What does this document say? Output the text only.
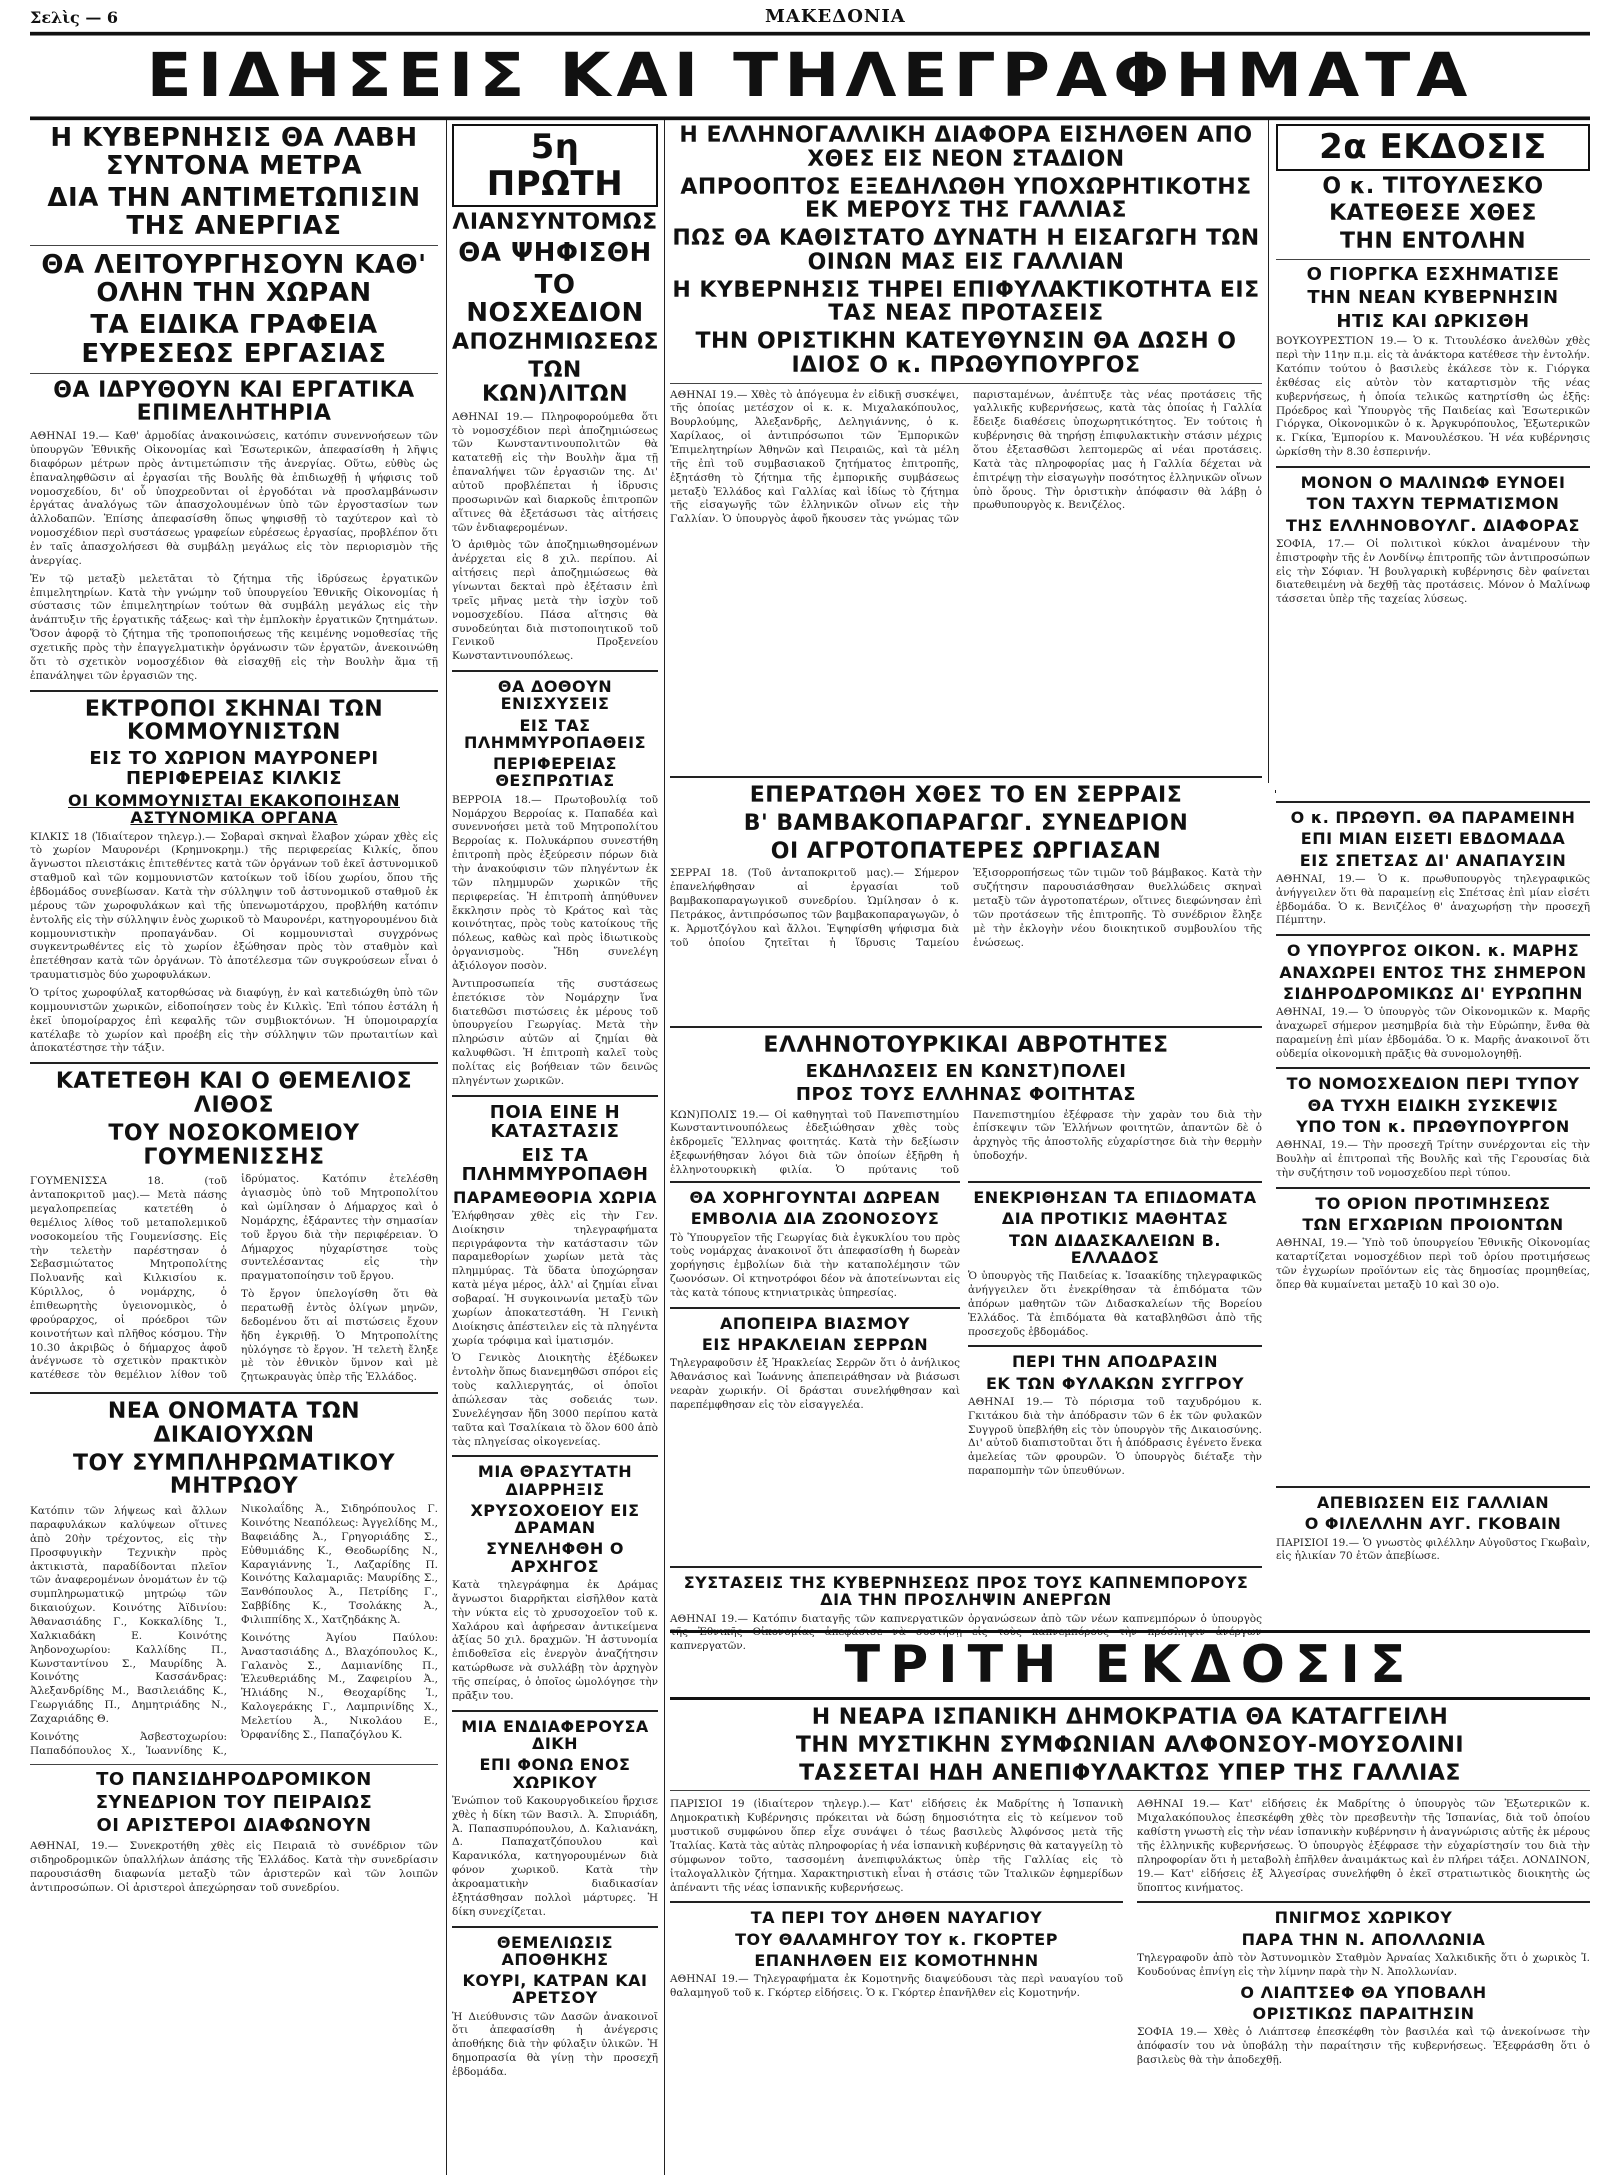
Σελὶς — 6	ΜΑΚΕΔΟΝΙΑ
ΕΙΔΗΣΕΙΣ ΚΑΙ ΤΗΛΕΓΡΑΦΗΜΑΤΑ
Η ΚΥΒΕΡΝΗΣΙΣ ΘΑ ΛΑΒΗ ΣΥΝΤΟΝΑ ΜΕΤΡΑ
ΔΙΑ ΤΗΝ ΑΝΤΙΜΕΤΩΠΙΣΙΝ ΤΗΣ ΑΝΕΡΓΙΑΣ
ΘΑ ΛΕΙΤΟΥΡΓΗΣΟΥΝ ΚΑΘ' ΟΛΗΝ ΤΗΝ ΧΩΡΑΝ
ΤΑ ΕΙΔΙΚΑ ΓΡΑΦΕΙΑ ΕΥΡΕΣΕΩΣ ΕΡΓΑΣΙΑΣ
ΘΑ ΙΔΡΥΘΟΥΝ ΚΑΙ ΕΡΓΑΤΙΚΑ ΕΠΙΜΕΛΗΤΗΡΙΑ

ΑΘΗΝΑΙ 19.— Καθ' ἁρμοδίας ἀνακοινώσεις, κατόπιν συνεννοήσεων τῶν ὑπουργῶν Ἐθνικῆς Οἰκονομίας καὶ Ἐσωτερικῶν, ἀπεφασίσθη ἡ λῆψις διαφόρων μέτρων πρὸς ἀντιμετώπισιν τῆς ἀνεργίας. Οὕτω, εὐθὺς ὡς ἐπαναληφθῶσιν αἱ ἐργασίαι τῆς Βουλῆς θὰ ἐπιδιωχθῇ ἡ ψήφισις τοῦ νομοσχεδίου, δι' οὗ ὑποχρεοῦνται οἱ ἐργοδόται νὰ προσλαμβάνωσιν ἐργάτας ἀναλόγως τῶν ἀπασχολουμένων ὑπὸ τῶν ἐργοστασίων των ἀλλοδαπῶν. Ἐπίσης ἀπεφασίσθη ὅπως ψηφισθῇ τὸ ταχύτερον καὶ τὸ νομοσχέδιον περὶ συστάσεως γραφείων εὑρέσεως ἐργασίας, προβλέπον ὅτι ἐν ταῖς ἀπασχολήσεσι θὰ συμβάλῃ μεγάλως εἰς τὸν περιορισμὸν τῆς ἀνεργίας.

Ἐν τῷ μεταξὺ μελετᾶται τὸ ζήτημα τῆς ἱδρύσεως ἐργατικῶν ἐπιμελητηρίων. Κατὰ τὴν γνώμην τοῦ ὑπουργείου Ἐθνικῆς Οἰκονομίας ἡ σύστασις τῶν ἐπιμελητηρίων τούτων θὰ συμβάλῃ μεγάλως εἰς τὴν ἀνάπτυξιν τῆς ἐργατικῆς τάξεως· καὶ τὴν ἐμπλοκὴν ἐργατικῶν ζητημάτων. Ὅσον ἀφορᾷ τὸ ζήτημα τῆς τροποποιήσεως τῆς κειμένης νομοθεσίας τῆς σχετικῆς πρὸς τὴν ἐπαγγελματικὴν ὀργάνωσιν τῶν ἐργατῶν, ἀνεκοινώθη ὅτι τὸ σχετικὸν νομοσχέδιον θὰ εἰσαχθῇ εἰς τὴν Βουλὴν ἅμα τῇ ἐπανάληψει τῶν ἐργασιῶν της.

ΕΚΤΡΟΠΟΙ ΣΚΗΝΑΙ ΤΩΝ ΚΟΜΜΟΥΝΙΣΤΩΝ
ΕΙΣ ΤΟ ΧΩΡΙΟΝ ΜΑΥΡΟΝΕΡΙ ΠΕΡΙΦΕΡΕΙΑΣ ΚΙΛΚΙΣ
ΟΙ ΚΟΜΜΟΥΝΙΣΤΑΙ ΕΚΑΚΟΠΟΙΗΣΑΝ ΑΣΤΥΝΟΜΙΚΑ ΟΡΓΑΝΑ

ΚΙΛΚΙΣ 18 (Ἰδιαίτερον τηλεγρ.).— Σοβαραὶ σκηναὶ ἔλαβον χώραν χθὲς εἰς τὸ χωρίον Μαυρονέρι (Κρημνοκρημ.) τῆς περιφερείας Κιλκίς, ὅπου ἄγνωστοι πλειστάκις ἐπιτεθέντες κατὰ τῶν ὀργάνων τοῦ ἐκεῖ ἀστυνομικοῦ σταθμοῦ καὶ τῶν κομμουνιστῶν κατοίκων τοῦ ἰδίου χωρίου, ὅπου τῆς ἐβδομάδος συνεβίωσαν. Κατὰ τὴν σύλληψιν τοῦ ἀστυνομικοῦ σταθμοῦ ἐκ μέρους τῶν χωροφυλάκων καὶ τῆς ὑπενωμοτάρχου, προβλήθη κατόπιν ἐντολῆς εἰς τὴν σύλληψιν ἐνὸς χωρικοῦ τὸ Μαυρονέρι, κατηγορουμένου διὰ κομμουνιστικὴν προπαγάνδαν. Οἱ κομμουνισταὶ συγχρόνως συγκεντρωθέντες εἰς τὸ χωρίον ἐξώθησαν πρὸς τὸν σταθμὸν καὶ ἐπετέθησαν κατὰ τῶν ὀργάνων. Τὸ ἀποτέλεσμα τῶν συγκρούσεων εἶναι ὁ τραυματισμὸς δύο χωροφυλάκων.

Ὁ τρίτος χωροφύλαξ κατορθώσας νὰ διαφύγῃ, ἐν καὶ κατεδιώχθη ὑπὸ τῶν κομμουνιστῶν χωρικῶν, εἰδοποίησεν τοὺς ἐν Κιλκὶς. Ἐπὶ τόπου ἐστάλη ἡ ἐκεῖ ὑπομοίραρχος ἐπὶ κεφαλῆς τῶν συμβιοκτόνων. Ἡ ὑπομοιραρχία κατέλαβε τὸ χωρίον καὶ προέβη εἰς τὴν σύλληψιν τῶν πρωταιτίων καὶ ἀποκατέστησε τὴν τάξιν.

ΚΑΤΕΤΕΘΗ ΚΑΙ Ο ΘΕΜΕΛΙΟΣ ΛΙΘΟΣ
ΤΟΥ ΝΟΣΟΚΟΜΕΙΟΥ ΓΟΥΜΕΝΙΣΣΗΣ

ΓΟΥΜΕΝΙΣΣΑ 18. (τοῦ ἀνταποκριτοῦ μας).— Μετὰ πάσης μεγαλοπρεπείας κατετέθη ὁ θεμέλιος λίθος τοῦ μεταπολεμικοῦ νοσοκομείου τῆς Γουμενίσσης. Εἰς τὴν τελετὴν παρέστησαν ὁ Σεβασμιώτατος Μητροπολίτης Πολυανῆς καὶ Κιλκισίου κ. Κύριλλος, ὁ νομάρχης, ὁ ἐπιθεωρητὴς ὑγειονομικὸς, ὁ φρούραρχος, οἱ πρόεδροι τῶν κοινοτήτων καὶ πλῆθος κόσμου. Τὴν 10.30 ἀκριβῶς ὁ δήμαρχος ἀφοῦ ἀνέγνωσε τὸ σχετικὸν πρακτικὸν κατέθεσε τὸν θεμέλιον λίθον τοῦ ἱδρύματος. Κατόπιν ἐτελέσθη ἁγιασμὸς ὑπὸ τοῦ Μητροπολίτου καὶ ὡμίλησαν ὁ Δήμαρχος καὶ ὁ Νομάρχης, ἐξάραντες τὴν σημασίαν τοῦ ἔργου διὰ τὴν περιφέρειαν. Ὁ Δήμαρχος ηὐχαρίστησε τοὺς συντελέσαντας εἰς τὴν πραγματοποίησιν τοῦ ἔργου.

Τὸ ἔργον ὑπελογίσθη ὅτι θὰ περατωθῇ ἐντὸς ὀλίγων μηνῶν, δεδομένου ὅτι αἱ πιστώσεις ἔχουν ἤδη ἐγκριθῇ. Ὁ Μητροπολίτης ηὐλόγησε τὸ ἔργον. Ἡ τελετὴ ἔληξε μὲ τὸν ἐθνικὸν ὕμνον καὶ μὲ ζητωκραυγὰς ὑπὲρ τῆς Ἑλλάδος.

ΝΕΑ ΟΝΟΜΑΤΑ ΤΩΝ ΔΙΚΑΙΟΥΧΩΝ
ΤΟΥ ΣΥΜΠΛΗΡΩΜΑΤΙΚΟΥ ΜΗΤΡΩΟΥ

Κατόπιν τῶν λήψεως καὶ ἄλλων παραφυλάκων καλύψεων οἵτινες ἀπὸ 20ὴν τρέχοντος, εἰς τὴν Προσφυγικὴν Τεχνικὴν πρὸς ἀκτικιστὰ, παραδίδονται πλεῖον τῶν ἀναφερομένων ὀνομάτων ἐν τῷ συμπληρωματικῷ μητρώῳ τῶν δικαιούχων. Κοινότης Ἀϊδινίου: Ἀθανασιάδης Γ., Κοκκαλίδης Ἰ., Χαλκιαδάκη Ε. Κοινότης Ἀηδονοχωρίου: Καλλίδης Π., Κωνσταντίνου Σ., Μαυρίδης Ἀ. Κοινότης Κασσάνδρας: Ἀλεξανδρίδης Μ., Βασιλειάδης Κ., Γεωργιάδης Π., Δημητριάδης Ν., Ζαχαριάδης Θ.

Κοινότης Ἀσβεστοχωρίου: Παπαδόπουλος Χ., Ἰωαννίδης Κ., Νικολαΐδης Ἀ., Σιδηρόπουλος Γ. Κοινότης Νεαπόλεως: Ἀγγελίδης Μ., Βαφειάδης Ἀ., Γρηγοριάδης Σ., Εὐθυμιάδης Κ., Θεοδωρίδης Ν., Καραγιάννης Ἰ., Λαζαρίδης Π. Κοινότης Καλαμαριᾶς: Μαυρίδης Σ., Ξανθόπουλος Ἀ., Πετρίδης Γ., Σαββίδης Κ., Τσολάκης Ἀ., Φιλιππίδης Χ., Χατζηδάκης Ἀ.

Κοινότης Ἀγίου Παύλου: Ἀναστασιάδης Δ., Βλαχόπουλος Κ., Γαλανὸς Σ., Δαμιανίδης Π., Ἐλευθεριάδης Μ., Ζαφειρίου Ἀ., Ἠλιάδης Ν., Θεοχαρίδης Ἰ., Καλογεράκης Γ., Λαμπρινίδης Χ., Μελετίου Ἀ., Νικολάου Ε., Ὀρφανίδης Σ., Παπαζόγλου Κ.

ΤΟ ΠΑΝΣΙΔΗΡΟΔΡΟΜΙΚΟΝ
ΣΥΝΕΔΡΙΟΝ ΤΟΥ ΠΕΙΡΑΙΩΣ
ΟΙ ΑΡΙΣΤΕΡΟΙ ΔΙΑΦΩΝΟΥΝ

ΑΘΗΝΑΙ, 19.— Συνεκροτήθη χθὲς εἰς Πειραιᾶ τὸ συνέδριον τῶν σιδηροδρομικῶν ὑπαλλήλων ἀπάσης τῆς Ἑλλάδος. Κατὰ τὴν συνεδρίασιν παρουσιάσθη διαφωνία μεταξὺ τῶν ἀριστερῶν καὶ τῶν λοιπῶν ἀντιπροσώπων. Οἱ ἀριστεροὶ ἀπεχώρησαν τοῦ συνεδρίου.

5η ΠΡΩΤΗ
ΛΙΑΝΣΥΝΤΟΜΩΣ
ΘΑ ΨΗΦΙΣΘΗ
ΤΟ ΝΟΣΧΕΔΙΟΝ
ΑΠΟΖΗΜΙΩΣΕΩΣ
ΤΩΝ ΚΩΝ)ΛΙΤΩΝ

ΑΘΗΝΑΙ 19.— Πληροφορούμεθα ὅτι τὸ νομοσχέδιον περὶ ἀποζημιώσεως τῶν Κωνσταντινουπολιτῶν θὰ κατατεθῇ εἰς τὴν Βουλὴν ἅμα τῇ ἐπαναλήψει τῶν ἐργασιῶν της. Δι' αὐτοῦ προβλέπεται ἡ ἱδρυσις προσωρινῶν καὶ διαρκοῦς ἐπιτροπῶν αἵτινες θὰ ἐξετάσωσι τὰς αἰτήσεις τῶν ἐνδιαφερομένων.

Ὁ ἀριθμὸς τῶν ἀποζημιωθησομένων ἀνέρχεται εἰς 8 χιλ. περίπου. Αἱ αἰτήσεις περὶ ἀποζημιώσεως θὰ γίνωνται δεκταὶ πρὸ ἐξέτασιν ἐπὶ τρεῖς μῆνας μετὰ τὴν ἰσχὺν τοῦ νομοσχεδίου. Πάσα αἴτησις θὰ συνοδεύηται διὰ πιστοποιητικοῦ τοῦ Γενικοῦ Προξενείου Κωνσταντινουπόλεως.

ΘΑ ΔΟΘΟΥΝ ΕΝΙΣΧΥΣΕΙΣ
ΕΙΣ ΤΑΣ ΠΛΗΜΜΥΡΟΠΑΘΕΙΣ
ΠΕΡΙΦΕΡΕΙΑΣ ΘΕΣΠΡΩΤΙΑΣ

ΒΕΡΡΟΙΑ 18.— Πρωτοβουλίᾳ τοῦ Νομάρχου Βερροίας κ. Παπαδέα καὶ συνεννοήσει μετὰ τοῦ Μητροπολίτου Βερροίας κ. Πολυκάρπου συνεστήθη ἐπιτροπὴ πρὸς ἐξεύρεσιν πόρων διὰ τὴν ἀνακούφισιν τῶν πληγέντων ἐκ τῶν πλημμυρῶν χωρικῶν τῆς περιφερείας. Ἡ ἐπιτροπὴ ἀπηύθυνεν ἔκκλησιν πρὸς τὸ Κράτος καὶ τὰς κοινότητας, πρὸς τοὺς κατοίκους τῆς πόλεως, καθὼς καὶ πρὸς ἰδιωτικοὺς ὀργανισμοὺς. Ἤδη συνελέγη ἀξιόλογον ποσὸν.

Ἀντιπροσωπεία τῆς συστάσεως ἐπετόκισε τὸν Νομάρχην ἵνα διατεθῶσι πιστώσεις ἐκ μέρους τοῦ ὑπουργείου Γεωργίας. Μετὰ τὴν πληρώσιν αὐτῶν αἱ ζημίαι θὰ καλυφθῶσι. Ἡ ἐπιτροπὴ καλεῖ τοὺς πολίτας εἰς βοήθειαν τῶν δεινῶς πληγέντων χωρικῶν.

ΠΟΙΑ ΕΙΝΕ Η ΚΑΤΑΣΤΑΣΙΣ
ΕΙΣ ΤΑ ΠΛΗΜΜΥΡΟΠΑΘΗ
ΠΑΡΑΜΕΘΟΡΙΑ ΧΩΡΙΑ

Ἐλήφθησαν χθὲς εἰς τὴν Γεν. Διοίκησιν τηλεγραφήματα περιγράφοντα τὴν κατάστασιν τῶν παραμεθορίων χωρίων μετὰ τὰς πλημμύρας. Τὰ ὕδατα ὑποχώρησαν κατὰ μέγα μέρος, ἀλλ' αἱ ζημίαι εἶναι σοβαραί. Ἡ συγκοινωνία μεταξὺ τῶν χωρίων ἀποκατεστάθη. Ἡ Γενικὴ Διοίκησις ἀπέστειλεν εἰς τὰ πληγέντα χωρία τρόφιμα καὶ ἱματισμόν.

Ὁ Γενικὸς Διοικητὴς ἐξέδωκεν ἐντολὴν ὅπως διανεμηθῶσι σπόροι εἰς τοὺς καλλιεργητάς, οἱ ὁποῖοι ἀπώλεσαν τὰς σοδειάς των. Συνελέγησαν ἤδη 3000 περίπου κατὰ ταῦτα καὶ Τσαλίκαια τὸ ὅλον 600 ἀπὸ τὰς πληγείσας οἰκογενείας.

ΜΙΑ ΘΡΑΣΥΤΑΤΗ ΔΙΑΡΡΗΞΙΣ
ΧΡΥΣΟΧΟΕΙΟΥ ΕΙΣ ΔΡΑΜΑΝ
ΣΥΝΕΛΗΦΘΗ Ο ΑΡΧΗΓΟΣ

Κατὰ τηλεγράφημα ἐκ Δράμας ἄγνωστοι διαρρῆκται εἰσῆλθον κατὰ τὴν νύκτα εἰς τὸ χρυσοχοεῖον τοῦ κ. Χαλάρου καὶ ἀφήρεσαν ἀντικείμενα ἀξίας 50 χιλ. δραχμῶν. Ἡ ἀστυνομία ἐπιδοθεῖσα εἰς ἐνεργὸν ἀναζήτησιν κατώρθωσε νὰ συλλάβῃ τὸν ἀρχηγὸν τῆς σπείρας, ὁ ὁποῖος ὡμολόγησε τὴν πρᾶξιν του.

ΜΙΑ ΕΝΔΙΑΦΕΡΟΥΣΑ ΔΙΚΗ
ΕΠΙ ΦΟΝΩ ΕΝΟΣ ΧΩΡΙΚΟΥ

Ἐνώπιον τοῦ Κακουργοδικείου ἤρχισε χθὲς ἡ δίκη τῶν Βασιλ. Ἀ. Σπυριάδη, Ἀ. Παπασπυρόπουλου, Δ. Καλιανάκη, Δ. Παπαχατζόπουλου καὶ Καρανικόλα, κατηγορουμένων διὰ φόνον χωρικοῦ. Κατὰ τὴν ἀκροαματικὴν διαδικασίαν ἐξητάσθησαν πολλοὶ μάρτυρες. Ἡ δίκη συνεχίζεται.

ΘΕΜΕΛΙΩΣΙΣ ΑΠΟΘΗΚΗΣ
ΚΟΥΡΙ, ΚΑΤΡΑΝ ΚΑΙ ΑΡΕΤΣΟΥ

Ἡ Διεύθυνσις τῶν Δασῶν ἀνακοινοῖ ὅτι ἀπεφασίσθη ἡ ἀνέγερσις ἀποθήκης διὰ τὴν φύλαξιν ὑλικῶν. Ἡ δημοπρασία θὰ γίνῃ τὴν προσεχῆ ἑβδομάδα.

Η ΕΛΛΗΝΟΓΑΛΛΙΚΗ ΔΙΑΦΟΡΑ ΕΙΣΗΛΘΕΝ ΑΠΟ ΧΘΕΣ ΕΙΣ ΝΕΟΝ ΣΤΑΔΙΟΝ
ΑΠΡΟΟΠΤΟΣ ΕΞΕΔΗΛΩΘΗ ΥΠΟΧΩΡΗΤΙΚΟΤΗΣ ΕΚ ΜΕΡΟΥΣ ΤΗΣ ΓΑΛΛΙΑΣ
ΠΩΣ ΘΑ ΚΑΘΙΣΤΑΤΟ ΔΥΝΑΤΗ Η ΕΙΣΑΓΩΓΗ ΤΩΝ ΟΙΝΩΝ ΜΑΣ ΕΙΣ ΓΑΛΛΙΑΝ
Η ΚΥΒΕΡΝΗΣΙΣ ΤΗΡΕΙ ΕΠΙΦΥΛΑΚΤΙΚΟΤΗΤΑ ΕΙΣ ΤΑΣ ΝΕΑΣ ΠΡΟΤΑΣΕΙΣ
ΤΗΝ ΟΡΙΣΤΙΚΗΝ ΚΑΤΕΥΘΥΝΣΙΝ ΘΑ ΔΩΣΗ Ο ΙΔΙΟΣ Ο κ. ΠΡΩΘΥΠΟΥΡΓΟΣ

ΑΘΗΝΑΙ 19.— Χθὲς τὸ ἀπόγευμα ἐν εἰδικῇ συσκέψει, τῆς ὁποίας μετέσχον οἱ κ. κ. Μιχαλακόπουλος, Βουρλούμης, Ἀλεξανδρῆς, Δεληγιάννης, ὁ κ. Χαρίλαος, οἱ ἀντιπρόσωποι τῶν Ἐμπορικῶν Ἐπιμελητηρίων Ἀθηνῶν καὶ Πειραιῶς, καὶ τὰ μέλη τῆς ἐπὶ τοῦ συμβασιακοῦ ζητήματος ἐπιτροπῆς, ἐξητάσθη τὸ ζήτημα τῆς ἐμπορικῆς συμβάσεως μεταξὺ Ἑλλάδος καὶ Γαλλίας καὶ ἰδίως τὸ ζήτημα τῆς εἰσαγωγῆς τῶν ἑλληνικῶν οἴνων εἰς τὴν Γαλλίαν. Ὁ ὑπουργὸς ἀφοῦ ἤκουσεν τὰς γνώμας τῶν παρισταμένων, ἀνέπτυξε τὰς νέας προτάσεις τῆς γαλλικῆς κυβερνήσεως, κατὰ τὰς ὁποίας ἡ Γαλλία ἔδειξε διαθέσεις ὑποχωρητικότητος. Ἐν τούτοις ἡ κυβέρνησις θὰ τηρήσῃ ἐπιφυλακτικὴν στάσιν μέχρις ὅτου ἐξετασθῶσι λεπτομερῶς αἱ νέαι προτάσεις. Κατὰ τὰς πληροφορίας μας ἡ Γαλλία δέχεται νὰ ἐπιτρέψῃ τὴν εἰσαγωγὴν ποσότητος ἑλληνικῶν οἴνων ὑπὸ ὅρους. Τὴν ὁριστικὴν ἀπόφασιν θὰ λάβῃ ὁ πρωθυπουργὸς κ. Βενιζέλος.

ΕΠΕΡΑΤΩΘΗ ΧΘΕΣ ΤΟ ΕΝ ΣΕΡΡΑΙΣ
Β' ΒΑΜΒΑΚΟΠΑΡΑΓΩΓ. ΣΥΝΕΔΡΙΟΝ
ΟΙ ΑΓΡΟΤΟΠΑΤΕΡΕΣ ΩΡΓΙΑΣΑΝ

ΣΕΡΡΑΙ 18. (Τοῦ ἀνταποκριτοῦ μας).— Σήμερον ἐπανελήφθησαν αἱ ἐργασίαι τοῦ βαμβακοπαραγωγικοῦ συνεδρίου. Ὡμίλησαν ὁ κ. Πετράκος, ἀντιπρόσωπος τῶν βαμβακοπαραγωγῶν, ὁ κ. Ἀρμοτζόγλου καὶ ἄλλοι. Ἐψηφίσθη ψήφισμα διὰ τοῦ ὁποίου ζητεῖται ἡ ἵδρυσις Ταμείου Ἐξισορροπήσεως τῶν τιμῶν τοῦ βάμβακος. Κατὰ τὴν συζήτησιν παρουσιάσθησαν θυελλώδεις σκηναὶ μεταξὺ τῶν ἀγροτοπατέρων, οἵτινες διεφώνησαν ἐπὶ τῶν προτάσεων τῆς ἐπιτροπῆς. Τὸ συνέδριον ἔληξε μὲ τὴν ἐκλογὴν νέου διοικητικοῦ συμβουλίου τῆς ἑνώσεως.

ΕΛΛΗΝΟΤΟΥΡΚΙΚΑΙ ΑΒΡΟΤΗΤΕΣ
ΕΚΔΗΛΩΣΕΙΣ ΕΝ ΚΩΝΣΤ)ΠΟΛΕΙ
ΠΡΟΣ ΤΟΥΣ ΕΛΛΗΝΑΣ ΦΟΙΤΗΤΑΣ

ΚΩΝ)ΠΟΛΙΣ 19.— Οἱ καθηγηταὶ τοῦ Πανεπιστημίου Κωνσταντινουπόλεως ἐδεξιώθησαν χθὲς τοὺς ἐκδρομεῖς Ἕλληνας φοιτητάς. Κατὰ τὴν δεξίωσιν ἐξεφωνήθησαν λόγοι διὰ τῶν ὁποίων ἐξῆρθη ἡ ἑλληνοτουρκικὴ φιλία. Ὁ πρύτανις τοῦ Πανεπιστημίου ἐξέφρασε τὴν χαρὰν του διὰ τὴν ἐπίσκεψιν τῶν Ἑλλήνων φοιτητῶν, ἀπαντῶν δὲ ὁ ἀρχηγὸς τῆς ἀποστολῆς εὐχαρίστησε διὰ τὴν θερμὴν ὑποδοχήν.

ΘΑ ΧΟΡΗΓΟΥΝΤΑΙ ΔΩΡΕΑΝ
ΕΜΒΟΛΙΑ ΔΙΑ ΖΩΟΝΟΣΟΥΣ

Τὸ Ὑπουργεῖον τῆς Γεωργίας διὰ ἐγκυκλίου του πρὸς τοὺς νομάρχας ἀνακοινοῖ ὅτι ἀπεφασίσθη ἡ δωρεὰν χορήγησις ἐμβολίων διὰ τὴν καταπολέμησιν τῶν ζωονόσων. Οἱ κτηνοτρόφοι δέον νὰ ἀποτείνωνται εἰς τὰς κατὰ τόπους κτηνιατρικὰς ὑπηρεσίας.

ΑΠΟΠΕΙΡΑ ΒΙΑΣΜΟΥ
ΕΙΣ ΗΡΑΚΛΕΙΑΝ ΣΕΡΡΩΝ

Τηλεγραφοῦσιν ἐξ Ἡρακλείας Σερρῶν ὅτι ὁ ἀνήλικος Ἀθανάσιος καὶ Ἰωάννης ἀπεπειράθησαν νὰ βιάσωσι νεαρὰν χωρικήν. Οἱ δράσται συνελήφθησαν καὶ παρεπέμφθησαν εἰς τὸν εἰσαγγελέα.

ΕΝΕΚΡΙΘΗΣΑΝ ΤΑ ΕΠΙΔΟΜΑΤΑ
ΔΙΑ ΠΡΟΤΙΚΙΣ ΜΑΘΗΤΑΣ
ΤΩΝ ΔΙΔΑΣΚΑΛΕΙΩΝ Β. ΕΛΛΑΔΟΣ

Ὁ ὑπουργὸς τῆς Παιδείας κ. Ἰσαακίδης τηλεγραφικῶς ἀνήγγειλεν ὅτι ἐνεκρίθησαν τὰ ἐπιδόματα τῶν ἀπόρων μαθητῶν τῶν Διδασκαλείων τῆς Βορείου Ἑλλάδος. Τὰ ἐπιδόματα θὰ καταβληθῶσι ἀπὸ τῆς προσεχοῦς ἑβδομάδος.

ΠΕΡΙ ΤΗΝ ΑΠΟΔΡΑΣΙΝ
ΕΚ ΤΩΝ ΦΥΛΑΚΩΝ ΣΥΓΓΡΟΥ

ΑΘΗΝΑΙ 19.— Τὸ πόρισμα τοῦ ταχυδρόμου κ. Γκιτάκου διὰ τὴν ἀπόδρασιν τῶν 6 ἐκ τῶν φυλακῶν Συγγροῦ ὑπεβλήθη εἰς τὸν ὑπουργὸν τῆς Δικαιοσύνης. Δι' αὐτοῦ διαπιστοῦται ὅτι ἡ ἀπόδρασις ἐγένετο ἕνεκα ἀμελείας τῶν φρουρῶν. Ὁ ὑπουργὸς διέταξε τὴν παραπομπὴν τῶν ὑπευθύνων.

2α ΕΚΔΟΣΙΣ
Ο κ. ΤΙΤΟΥΛΕΣΚΟ
ΚΑΤΕΘΕΣΕ ΧΘΕΣ
ΤΗΝ ΕΝΤΟΛΗΝ
Ο ΓΙΟΡΓΚΑ ΕΣΧΗΜΑΤΙΣΕ
ΤΗΝ ΝΕΑΝ ΚΥΒΕΡΝΗΣΙΝ
ΗΤΙΣ ΚΑΙ ΩΡΚΙΣΘΗ

ΒΟΥΚΟΥΡΕΣΤΙΟΝ 19.— Ὁ κ. Τιτουλέσκο ἀνελθὼν χθὲς περὶ τὴν 11ην π.μ. εἰς τὰ ἀνάκτορα κατέθεσε τὴν ἐντολήν. Κατόπιν τούτου ὁ βασιλεὺς ἐκάλεσε τὸν κ. Γιόργκα ἐκθέσας εἰς αὐτὸν τὸν καταρτισμὸν τῆς νέας κυβερνήσεως, ἡ ὁποία τελικῶς κατηρτίσθη ὡς ἑξῆς: Πρόεδρος καὶ Ὑπουργὸς τῆς Παιδείας καὶ Ἐσωτερικῶν Γιόργκα, Οἰκονομικῶν ὁ κ. Ἀργκυρόπουλος, Ἐξωτερικῶν κ. Γκίκα, Ἐμπορίου κ. Μανουλέσκου. Ἡ νέα κυβέρνησις ὡρκίσθη τὴν 8.30 ἑσπερινήν.

ΜΟΝΟΝ Ο ΜΑΛΙΝΩΦ ΕΥΝΟΕΙ
ΤΟΝ ΤΑΧΥΝ ΤΕΡΜΑΤΙΣΜΟΝ
ΤΗΣ ΕΛΛΗΝΟΒΟΥΛΓ. ΔΙΑΦΟΡΑΣ

ΣΟΦΙΑ, 17.— Οἱ πολιτικοὶ κύκλοι ἀναμένουν τὴν ἐπιστροφὴν τῆς ἐν Λονδίνῳ ἐπιτροπῆς τῶν ἀντιπροσώπων εἰς τὴν Σόφιαν. Ἡ βουλγαρικὴ κυβέρνησις δὲν φαίνεται διατεθειμένη νὰ δεχθῇ τὰς προτάσεις. Μόνον ὁ Μαλίνωφ τάσσεται ὑπὲρ τῆς ταχείας λύσεως.

Ο κ. ΠΡΩΘΥΠ. ΘΑ ΠΑΡΑΜΕΙΝΗ
ΕΠΙ ΜΙΑΝ ΕΙΣΕΤΙ ΕΒΔΟΜΑΔΑ
ΕΙΣ ΣΠΕΤΣΑΣ ΔΙ' ΑΝΑΠΑΥΣΙΝ

ΑΘΗΝΑΙ, 19.— Ὁ κ. πρωθυπουργὸς τηλεγραφικῶς ἀνήγγειλεν ὅτι θὰ παραμείνῃ εἰς Σπέτσας ἐπὶ μίαν εἰσέτι ἑβδομάδα. Ὁ κ. Βενιζέλος θ' ἀναχωρήσῃ τὴν προσεχῆ Πέμπτην.

Ο ΥΠΟΥΡΓΟΣ ΟΙΚΟΝ. κ. ΜΑΡΗΣ
ΑΝΑΧΩΡΕΙ ΕΝΤΟΣ ΤΗΣ ΣΗΜΕΡΟΝ
ΣΙΔΗΡΟΔΡΟΜΙΚΩΣ ΔΙ' ΕΥΡΩΠΗΝ

ΑΘΗΝΑΙ, 19.— Ὁ ὑπουργὸς τῶν Οἰκονομικῶν κ. Μαρῆς ἀναχωρεῖ σήμερον μεσημβρία διὰ τὴν Εὐρώπην, ἔνθα θὰ παραμείνῃ ἐπὶ μίαν ἑβδομάδα. Ὁ κ. Μαρῆς ἀνακοινοῖ ὅτι οὐδεμία οἰκονομικὴ πρᾶξις θὰ συνομολογηθῇ.

ΤΟ ΝΟΜΟΣΧΕΔΙΟΝ ΠΕΡΙ ΤΥΠΟΥ
ΘΑ ΤΥΧΗ ΕΙΔΙΚΗ ΣΥΣΚΕΨΙΣ
ΥΠΟ ΤΟΝ κ. ΠΡΩΘΥΠΟΥΡΓΟΝ

ΑΘΗΝΑΙ, 19.— Τὴν προσεχῆ Τρίτην συνέρχονται εἰς τὴν Βουλὴν αἱ ἐπιτροπαὶ τῆς Βουλῆς καὶ τῆς Γερουσίας διὰ τὴν συζήτησιν τοῦ νομοσχεδίου περὶ τύπου.

ΤΟ ΟΡΙΟΝ ΠΡΟΤΙΜΗΣΕΩΣ
ΤΩΝ ΕΓΧΩΡΙΩΝ ΠΡΟΙΟΝΤΩΝ

ΑΘΗΝΑΙ, 19.— Ὑπὸ τοῦ ὑπουργείου Ἐθνικῆς Οἰκονομίας καταρτίζεται νομοσχέδιον περὶ τοῦ ὁρίου προτιμήσεως τῶν ἐγχωρίων προϊόντων εἰς τὰς δημοσίας προμηθείας, ὅπερ θὰ κυμαίνεται μεταξὺ 10 καὶ 30 ο)ο.

ΑΠΕΒΙΩΣΕΝ ΕΙΣ ΓΑΛΛΙΑΝ
Ο ΦΙΛΕΛΛΗΝ ΑΥΓ. ΓΚΟΒΑΙΝ

ΠΑΡΙΣΙΟΙ 19.— Ὁ γνωστὸς φιλέλλην Αὐγοῦστος Γκωβαὶν, εἰς ἡλικίαν 70 ἐτῶν ἀπεβίωσε.

ΣΥΣΤΑΣΕΙΣ ΤΗΣ ΚΥΒΕΡΝΗΣΕΩΣ ΠΡΟΣ ΤΟΥΣ ΚΑΠΝΕΜΠΟΡΟΥΣ ΔΙΑ ΤΗΝ ΠΡΟΣΛΗΨΙΝ ΑΝΕΡΓΩΝ

ΑΘΗΝΑΙ 19.— Κατόπιν διαταγῆς τῶν καπνεργατικῶν ὀργανώσεων ἀπὸ τῶν νέων καπνεμπόρων ὁ ὑπουργὸς τῆς Ἐθνικῆς Οἰκονομίας ἀπεφάσισε νὰ συστήσῃ εἰς τοὺς καπνεμπόρους τὴν πρόσληψιν ἀνέργων καπνεργατῶν.	ΤΡΙΤΗ ΕΚΔΟΣΙΣ
Η ΝΕΑΡΑ ΙΣΠΑΝΙΚΗ ΔΗΜΟΚΡΑΤΙΑ ΘΑ ΚΑΤΑΓΓΕΙΛΗ
ΤΗΝ ΜΥΣΤΙΚΗΝ ΣΥΜΦΩΝΙΑΝ ΑΛΦΟΝΣΟΥ-ΜΟΥΣΟΛΙΝΙ
ΤΑΣΣΕΤΑΙ ΗΔΗ ΑΝΕΠΙΦΥΛΑΚΤΩΣ ΥΠΕΡ ΤΗΣ ΓΑΛΛΙΑΣ

ΠΑΡΙΣΙΟΙ 19 (ἰδιαίτερον τηλεγρ.).— Κατ' εἰδήσεις ἐκ Μαδρίτης ἡ Ἱσπανικὴ Δημοκρατικὴ Κυβέρνησις πρόκειται νὰ δώσῃ δημοσιότητα εἰς τὸ κείμενον τοῦ μυστικοῦ συμφώνου ὅπερ εἶχε συνάψει ὁ τέως βασιλεὺς Ἀλφόνσος μετὰ τῆς Ἰταλίας. Κατὰ τὰς αὐτὰς πληροφορίας ἡ νέα ἱσπανικὴ κυβέρνησις θὰ καταγγείλῃ τὸ σύμφωνον τοῦτο, τασσομένη ἀνεπιφυλάκτως ὑπὲρ τῆς Γαλλίας εἰς τὸ ἰταλογαλλικὸν ζήτημα. Χαρακτηριστικὴ εἶναι ἡ στάσις τῶν Ἰταλικῶν ἐφημερίδων ἀπέναντι τῆς νέας ἱσπανικῆς κυβερνήσεως.

ΤΑ ΠΕΡΙ ΤΟΥ ΔΗΘΕΝ ΝΑΥΑΓΙΟΥ
ΤΟΥ ΘΑΛΑΜΗΓΟΥ ΤΟΥ κ. ΓΚΟΡΤΕΡ
ΕΠΑΝΗΛΘΕΝ ΕΙΣ ΚΟΜΟΤΗΝΗΝ

ΑΘΗΝΑΙ 19.— Τηλεγραφήματα ἐκ Κομοτηνῆς διαψεύδουσι τὰς περὶ ναυαγίου τοῦ θαλαμηγοῦ τοῦ κ. Γκόρτερ εἰδήσεις. Ὁ κ. Γκόρτερ ἐπανῆλθεν εἰς Κομοτηνήν.

ΑΘΗΝΑΙ 19.— Κατ' εἰδήσεις ἐκ Μαδρίτης ὁ ὑπουργὸς τῶν Ἐξωτερικῶν κ. Μιχαλακόπουλος ἐπεσκέφθη χθὲς τὸν πρεσβευτὴν τῆς Ἱσπανίας, διὰ τοῦ ὁποίου καθίστη γνωστὴ εἰς τὴν νέαν ἱσπανικὴν κυβέρνησιν ἡ ἀναγνώρισις αὐτῆς ἐκ μέρους τῆς ἑλληνικῆς κυβερνήσεως. Ὁ ὑπουργὸς ἐξέφρασε τὴν εὐχαρίστησίν του διὰ τὴν πληροφορίαν ὅτι ἡ μεταβολὴ ἐπῆλθεν ἀναιμάκτως καὶ ἐν πλήρει τάξει. ΛΟΝΔΙΝΟΝ, 19.— Κατ' εἰδήσεις ἐξ Ἀλγεσίρας συνελήφθη ὁ ἐκεῖ στρατιωτικὸς διοικητὴς ὡς ὕποπτος κινήματος.

ΠΝΙΓΜΟΣ ΧΩΡΙΚΟΥ
ΠΑΡΑ ΤΗΝ Ν. ΑΠΟΛΛΩΝΙΑ

Τηλεγραφοῦν ἀπὸ τὸν Ἀστυνομικὸν Σταθμὸν Ἀρναίας Χαλκιδικῆς ὅτι ὁ χωρικὸς Ἰ. Κουδούνας ἐπνίγη εἰς τὴν λίμνην παρὰ τὴν Ν. Ἀπολλωνίαν.

Ο ΛΙΑΠΤΣΕΦ ΘΑ ΥΠΟΒΑΛΗ
ΟΡΙΣΤΙΚΩΣ ΠΑΡΑΙΤΗΣΙΝ

ΣΟΦΙΑ 19.— Χθὲς ὁ Λιάπτσεφ ἐπεσκέφθη τὸν βασιλέα καὶ τῷ ἀνεκοίνωσε τὴν ἀπόφασίν του νὰ ὑποβάλῃ τὴν παραίτησιν τῆς κυβερνήσεως. Ἐξεφράσθη ὅτι ὁ βασιλεὺς θὰ τὴν ἀποδεχθῇ.
